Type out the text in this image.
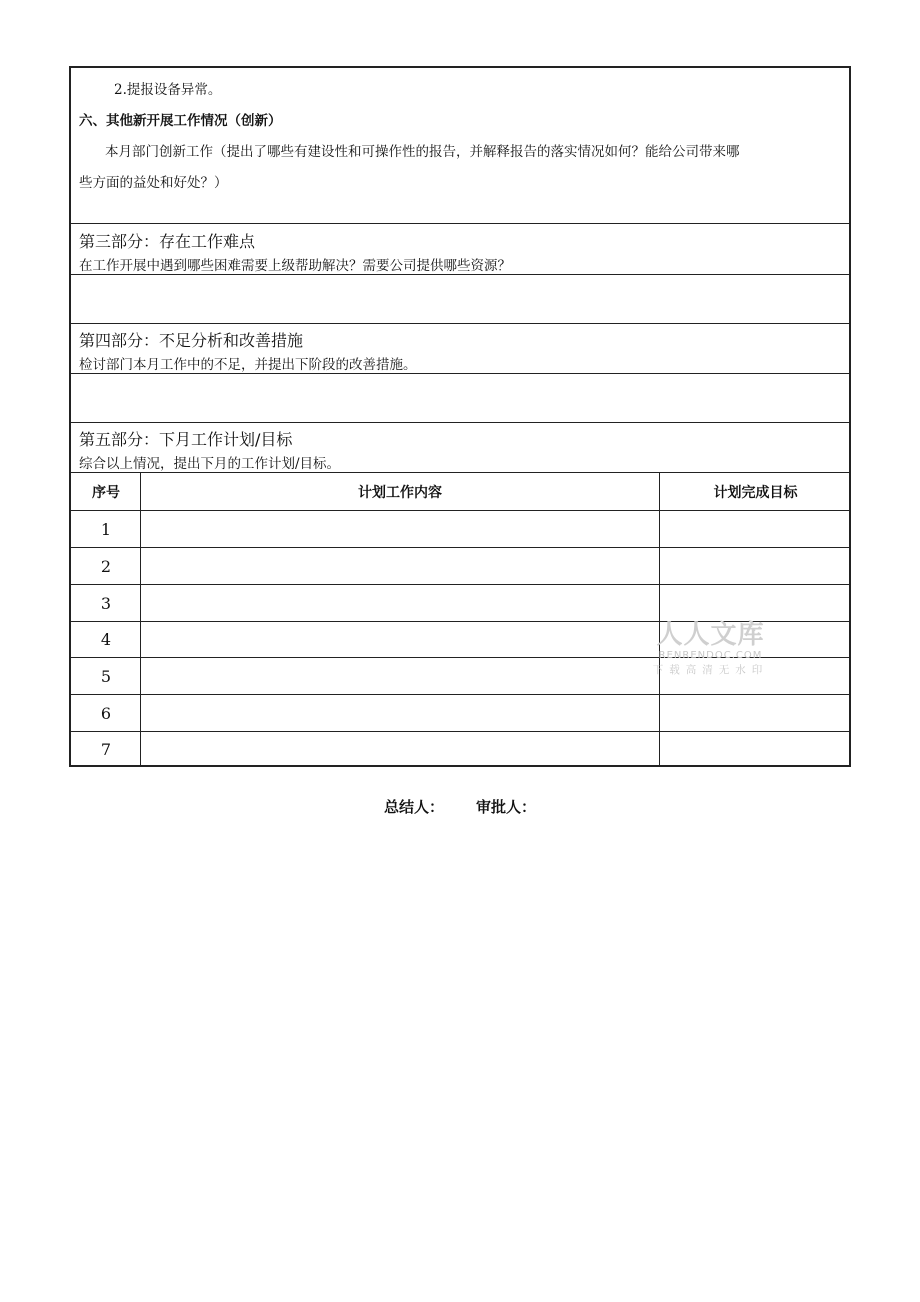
2.提报设备异常。
六、其他新开展工作情况（创新）
本月部门创新工作（提出了哪些有建设性和可操作性的报告，并解释报告的落实情况如何？能给公司带来哪
些方面的益处和好处？）
第三部分：存在工作难点
在工作开展中遇到哪些困难需要上级帮助解决？需要公司提供哪些资源？
第四部分：不足分析和改善措施
检讨部门本月工作中的不足，并提出下阶段的改善措施。
第五部分：下月工作计划/目标
综合以上情况，提出下月的工作计划/目标。
序号	计划工作内容	计划完成目标
1
2
3
4
5
6
7
人人文库
RENRENDOC.COM
下载高清无水印
总结人： 审批人：
